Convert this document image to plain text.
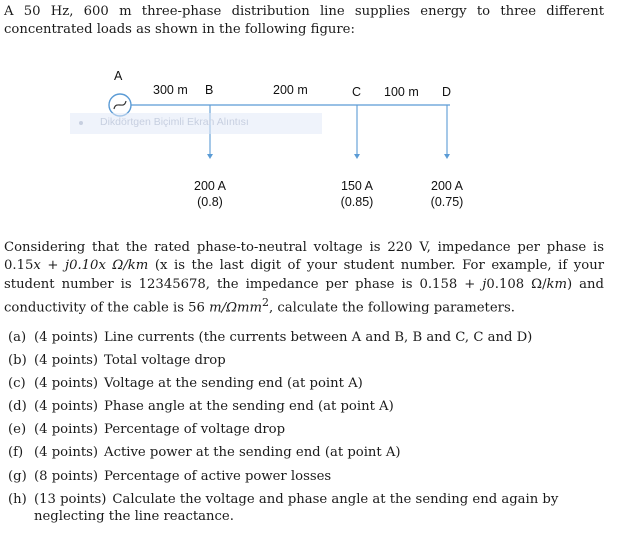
A 50 Hz, 600 m three-phase distribution line supplies energy to three different concentrated loads as shown in the following figure:

Dikdörtgen Biçimli Ekran Alıntısı
A
300 m B	200 m	C 100 m D
200 A
(0.8)
150 A
(0.85)
200 A
(0.75)

Considering that the rated phase-to-neutral voltage is 220 V, impedance per phase is 0.15x + j0.10x Ω/km (x is the last digit of your student number. For example, if your student number is 12345678, the impedance per phase is 0.158 + j0.108 Ω/km) and conductivity of the cable is 56 m/Ωmm$^2$, calculate the following parameters.

(a) (4 points) Line currents (the currents between A and B, B and C, C and D)
(b) (4 points) Total voltage drop
(c) (4 points) Voltage at the sending end (at point A)
(d) (4 points) Phase angle at the sending end (at point A)
(e) (4 points) Percentage of voltage drop
(f) (4 points) Active power at the sending end (at point A)
(g) (8 points) Percentage of active power losses
(h) (13 points) Calculate the voltage and phase angle at the sending end again by neglecting the line reactance.
